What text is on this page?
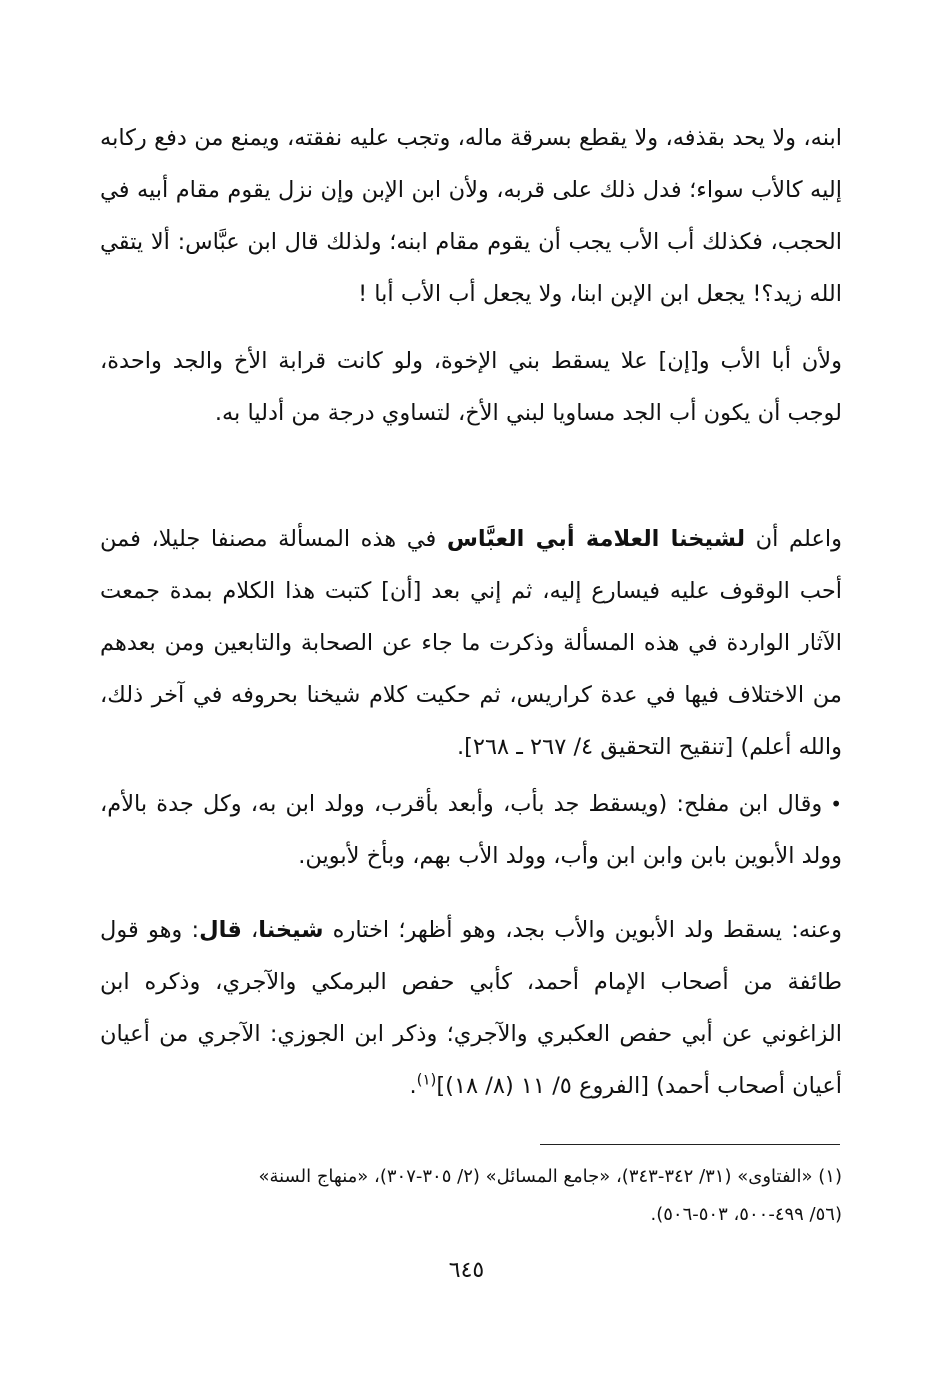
ابنه، ولا يحد بقذفه، ولا يقطع بسرقة ماله، وتجب عليه نفقته، ويمنع من دفع ركابه إليه كالأب سواء؛ فدل ذلك على قربه، ولأن ابن الإبن وإن نزل يقوم مقام أبيه في الحجب، فكذلك أب الأب يجب أن يقوم مقام ابنه؛ ولذلك قال ابن عبَّاس: ألا يتقي الله زيد؟! يجعل ابن الإبن ابنا، ولا يجعل أب الأب أبا !

ولأن أبا الأب و[إن] علا يسقط بني الإخوة، ولو كانت قرابة الأخ والجد واحدة، لوجب أن يكون أب الجد مساويا لبني الأخ، لتساوي درجة من أدليا به.

واعلم أن لشيخنا العلامة أبي العبَّاس في هذه المسألة مصنفا جليلا، فمن أحب الوقوف عليه فيسارع إليه، ثم إني بعد [أن] كتبت هذا الكلام بمدة جمعت الآثار الواردة في هذه المسألة وذكرت ما جاء عن الصحابة والتابعين ومن بعدهم من الاختلاف فيها في عدة كراريس، ثم حكيت كلام شيخنا بحروفه في آخر ذلك، والله أعلم) [تنقيح التحقيق ٤/ ٢٦٧ ـ ٢٦٨].

•وقال ابن مفلح: (ويسقط جد بأب، وأبعد بأقرب، وولد ابن به، وكل جدة بالأم، وولد الأبوين بابن وابن ابن وأب، وولد الأب بهم، وبأخ لأبوين.

وعنه: يسقط ولد الأبوين والأب بجد، وهو أظهر؛ اختاره شيخنا، قال: وهو قول طائفة من أصحاب الإمام أحمد، كأبي حفص البرمكي والآجري، وذكره ابن الزاغوني عن أبي حفص العكبري والآجري؛ وذكر ابن الجوزي: الآجري من أعيان أعيان أصحاب أحمد) [الفروع ٥/ ١١ (٨/ ١٨)]$^{(١)}$.

(١) «الفتاوى» (٣١/ ٣٤٢-٣٤٣)، «جامع المسائل» (٢/ ٣٠٥-٣٠٧)، «منهاج السنة»
(٥٦/ ٤٩٩-٥٠٠، ٥٠٣-٥٠٦).

٦٤٥
